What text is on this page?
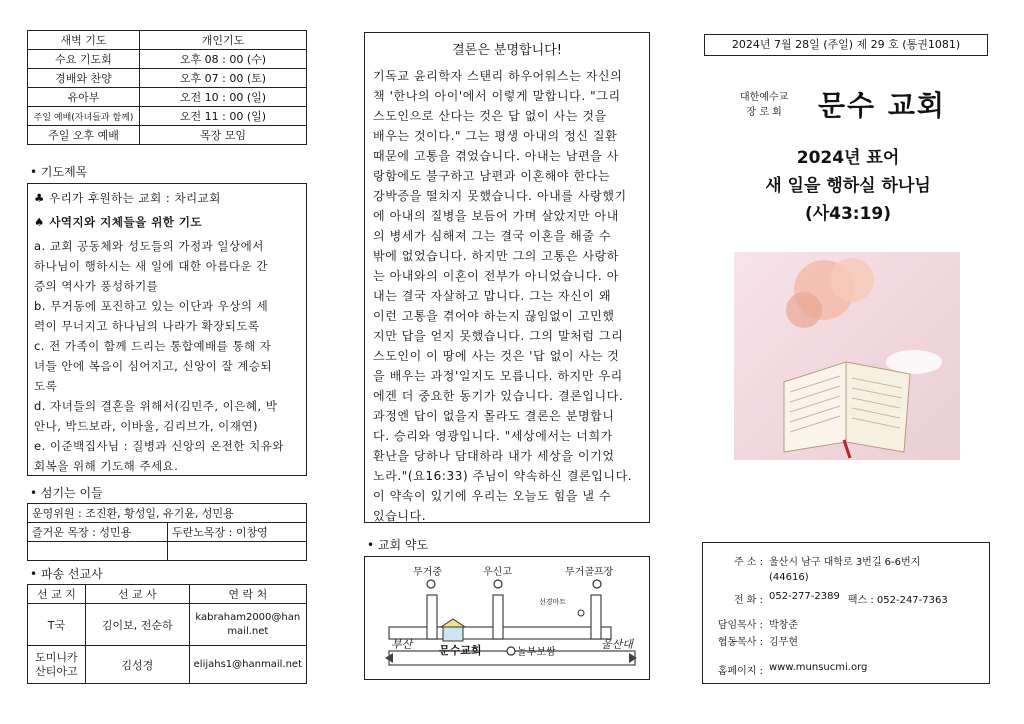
새벽 기도	개인기도
수요 기도회	오후 08 : 00 (수)
경배와 찬양	오후 07 : 00 (토)
유아부	오전 10 : 00 (일)
주일 예배(자녀들과 함께)	오전 11 : 00 (일)
주일 오후 예배	목장 모임
• 기도제목

♣ 우리가 후원하는 교회 : 차리교회

♠ 사역지와 지체들을 위한 기도

a. 교회 공동체와 성도들의 가정과 일상에서

하나님이 행하시는 새 일에 대한 아름다운 간

증의 역사가 풍성하기를

b. 무거동에 포진하고 있는 이단과 우상의 세

력이 무너지고 하나님의 나라가 확장되도록

c. 전 가족이 함께 드리는 통합예배를 통해 자

녀들 안에 복음이 심어지고, 신앙이 잘 계승되

도록

d. 자녀들의 결혼을 위해서(김민주, 이은혜, 박

안나, 박드보라, 이바울, 김리브가, 이재연)

e. 이준백집사님 : 질병과 신앙의 온전한 치유와

회복을 위해 기도해 주세요.

• 섬기는 이들
운영위원 : 조진환, 황성일, 유기윤, 성민용	
즐거운 목장 : 성민용	두란노목장 : 이창영

• 파송 선교사
선 교 지	선 교 사	연 락 처
T국	김이보, 전순하	kabraham2000@hanmail.net
도미니카 산티아고	김성경	elijahs1@hanmail.net
결론은 분명합니다!

기독교 윤리학자 스탠리 하우어워스는 자신의

책 '한나의 아이'에서 이렇게 말합니다. "그리

스도인으로 산다는 것은 답 없이 사는 것을

배우는 것이다." 그는 평생 아내의 정신 질환

때문에 고통을 겪었습니다. 아내는 남편을 사

랑함에도 불구하고 남편과 이혼해야 한다는

강박증을 떨치지 못했습니다. 아내를 사랑했기

에 아내의 질병을 보듬어 가며 살았지만 아내

의 병세가 심해져 그는 결국 이혼을 해줄 수

밖에 없었습니다. 하지만 그의 고통은 사랑하

는 아내와의 이혼이 전부가 아니었습니다. 아

내는 결국 자살하고 맙니다. 그는 자신이 왜

이런 고통을 겪어야 하는지 끊임없이 고민했

지만 답을 얻지 못했습니다. 그의 말처럼 그리

스도인이 이 땅에 사는 것은 '답 없이 사는 것

을 배우는 과정'일지도 모릅니다. 하지만 우리

에겐 더 중요한 동기가 있습니다. 결론입니다.

과정엔 답이 없을지 몰라도 결론은 분명합니

다. 승리와 영광입니다. "세상에서는 너희가

환난을 당하나 담대하라 내가 세상을 이기었

노라."(요16:33) 주님이 약속하신 결론입니다.

이 약속이 있기에 우리는 오늘도 힘을 낼 수

있습니다.

• 교회 약도
무거중	우신고	무거골프장
선경마트
놀부보쌈
문수교회
부산	울산대
2024년 7월 28일 (주일) 제 29 호 (통권1081)
대한예수교
장 로 회 문수 교회
2024년 표어
새 일을 행하실 하나님
(사43:19)
주 소 : 울산시 남구 대학로 3번길 6-6번지
(44616)
전 화 : 052-277-2389 팩스 : 052-247-7363
담임목사 : 박창준
협동목사 : 김무현
홈페이지 : www.munsucmi.org
